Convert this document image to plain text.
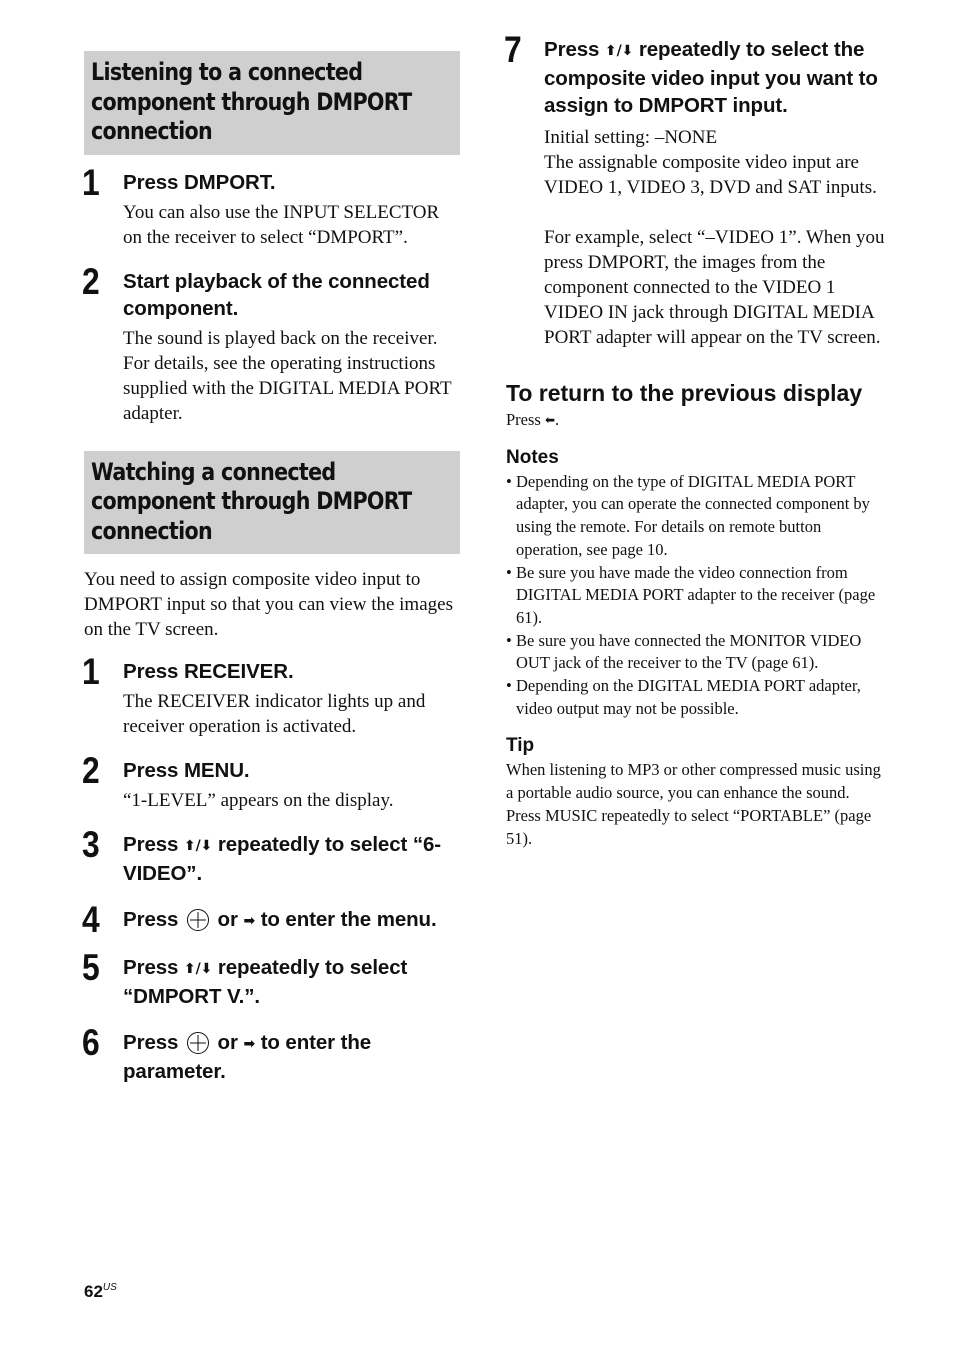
Listening to a connected
component through DMPORT
connection
1 Press DMPORT.
You can also use the INPUT SELECTOR on the receiver to select “DMPORT”.
2 Start playback of the connected component.
The sound is played back on the receiver. For details, see the operating instructions supplied with the DIGITAL MEDIA PORT adapter.
Watching a connected
component through DMPORT
connection
You need to assign composite video input to DMPORT input so that you can view the images on the TV screen.
1 Press RECEIVER.
The RECEIVER indicator lights up and receiver operation is activated.
2 Press MENU.
“1-LEVEL” appears on the display.
3 Press ⬆/⬇ repeatedly to select “6-VIDEO”.
4 Press  or ➡ to enter the menu.
5 Press ⬆/⬇ repeatedly to select “DMPORT V.”.
6 Press  or ➡ to enter the parameter.
7 Press ⬆/⬇ repeatedly to select the composite video input you want to assign to DMPORT input.
Initial setting: –NONE
The assignable composite video input are VIDEO 1, VIDEO 3, DVD and SAT inputs.
For example, select “–VIDEO 1”. When you press DMPORT, the images from the component connected to the VIDEO 1 VIDEO IN jack through DIGITAL MEDIA PORT adapter will appear on the TV screen.
To return to the previous display
Press ⬅.
Notes
• Depending on the type of DIGITAL MEDIA PORT adapter, you can operate the connected component by using the remote. For details on remote button operation, see page 10.
• Be sure you have made the video connection from DIGITAL MEDIA PORT adapter to the receiver (page 61).
• Be sure you have connected the MONITOR VIDEO OUT jack of the receiver to the TV (page 61).
• Depending on the DIGITAL MEDIA PORT adapter, video output may not be possible.
Tip
When listening to MP3 or other compressed music using a portable audio source, you can enhance the sound. Press MUSIC repeatedly to select “PORTABLE” (page 51).
$62^{US}$
